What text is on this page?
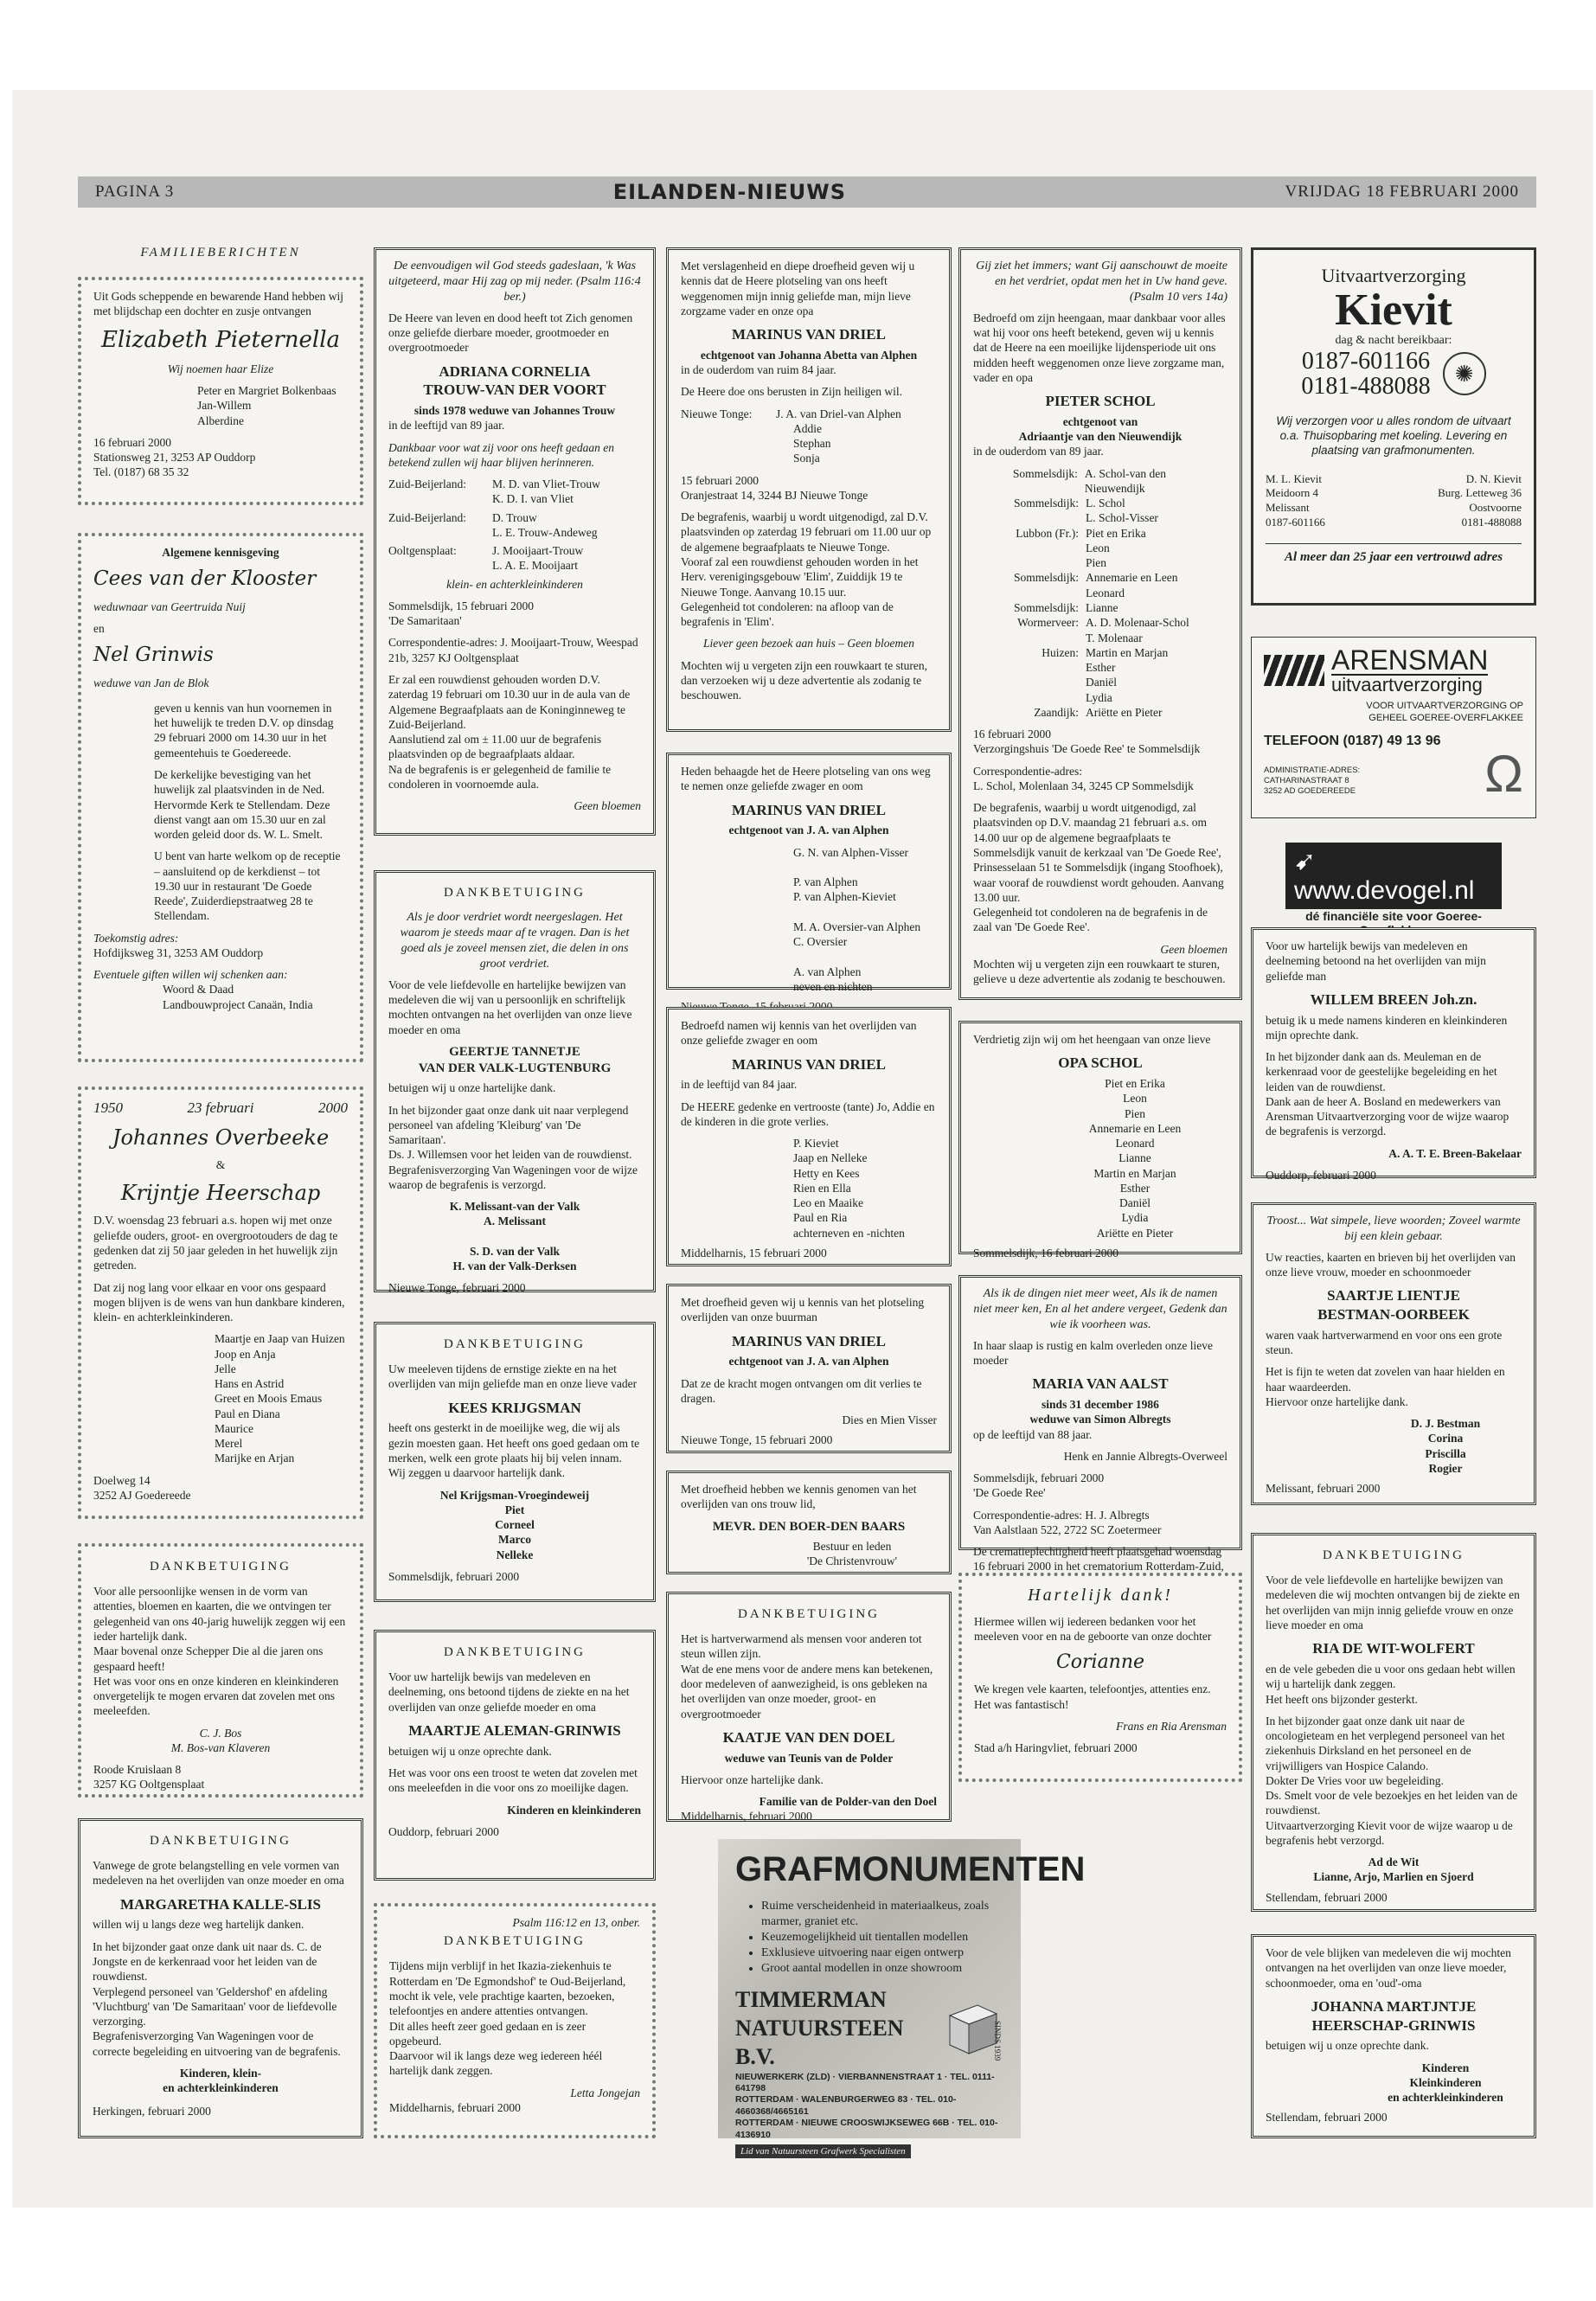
PAGINA 3	EILANDEN-NIEUWS	VRIJDAG 18 FEBRUARI 2000
FAMILIEBERICHTEN
Uit Gods scheppende en bewarende Hand hebben wij met blijdschap een dochter en zusje ontvangen
Elizabeth Pieternella
Wij noemen haar Elize
Peter en Margriet Bolkenbaas
Jan-Willem
Alberdine
16 februari 2000
Stationsweg 21, 3253 AP Ouddorp
Tel. (0187) 68 35 32
Algemene kennisgeving
Cees van der Klooster
weduwnaar van Geertruida Nuij
en
Nel Grinwis
weduwe van Jan de Blok
geven u kennis van hun voornemen in het huwelijk te treden D.V. op dinsdag 29 februari 2000 om 14.30 uur in het gemeentehuis te Goedereede.
De kerkelijke bevestiging van het huwelijk zal plaatsvinden in de Ned. Hervormde Kerk te Stellendam. Deze dienst vangt aan om 15.30 uur en zal worden geleid door ds. W. L. Smelt.
U bent van harte welkom op de receptie – aansluitend op de kerkdienst – tot 19.30 uur in restaurant 'De Goede Reede', Zuiderdiepstraatweg 28 te Stellendam.
Toekomstig adres:
Hofdijksweg 31, 3253 AM Ouddorp
Eventuele giften willen wij schenken aan:
Woord & Daad
Landbouwproject Canaän, India
1950	23 februari	2000
Johannes Overbeeke
&
Krijntje Heerschap
D.V. woensdag 23 februari a.s. hopen wij met onze geliefde ouders, groot- en overgrootouders de dag te gedenken dat zij 50 jaar geleden in het huwelijk zijn getreden.
Dat zij nog lang voor elkaar en voor ons gespaard mogen blijven is de wens van hun dankbare kinderen, klein- en achterkleinkinderen.
Maartje en Jaap van Huizen
Joop en Anja
Jelle
Hans en Astrid
Greet en Moois Emaus
Paul en Diana
Maurice
Merel
Marijke en Arjan
Doelweg 14
3252 AJ Goedereede
DANKBETUIGING
Voor alle persoonlijke wensen in de vorm van attenties, bloemen en kaarten, die we ontvingen ter gelegenheid van ons 40-jarig huwelijk zeggen wij een ieder hartelijk dank.
Maar bovenal onze Schepper Die al die jaren ons gespaard heeft!
Het was voor ons en onze kinderen en kleinkinderen onvergetelijk te mogen ervaren dat zovelen met ons meeleefden.
C. J. Bos
M. Bos-van Klaveren
Roode Kruislaan 8
3257 KG Ooltgensplaat
DANKBETUIGING
Vanwege de grote belangstelling en vele vormen van medeleven na het overlijden van onze moeder en oma
MARGARETHA KALLE-SLIS
willen wij u langs deze weg hartelijk danken.
In het bijzonder gaat onze dank uit naar ds. C. de Jongste en de kerkenraad voor het leiden van de rouwdienst.
Verplegend personeel van 'Geldershof' en afdeling 'Vluchtburg' van 'De Samaritaan' voor de liefdevolle verzorging.
Begrafenisverzorging Van Wageningen voor de correcte begeleiding en uitvoering van de begrafenis.
Kinderen, klein-
en achterkleinkinderen
Herkingen, februari 2000
De eenvoudigen wil God steeds gadeslaan, 'k Was uitgeteerd, maar Hij zag op mij neder. (Psalm 116:4 ber.)
De Heere van leven en dood heeft tot Zich genomen onze geliefde dierbare moeder, grootmoeder en overgrootmoeder
ADRIANA CORNELIA
TROUW-VAN DER VOORT
sinds 1978 weduwe van Johannes Trouw
in de leeftijd van 89 jaar.
Dankbaar voor wat zij voor ons heeft gedaan en betekend zullen wij haar blijven herinneren.
Zuid-Beijerland:	M. D. van Vliet-Trouw
K. D. I. van Vliet
Zuid-Beijerland:	D. Trouw
L. E. Trouw-Andeweg
Ooltgensplaat:	J. Mooijaart-Trouw
L. A. E. Mooijaart
klein- en achterkleinkinderen
Sommelsdijk, 15 februari 2000
'De Samaritaan'
Correspondentie-adres: J. Mooijaart-Trouw, Weespad 21b, 3257 KJ Ooltgensplaat
Er zal een rouwdienst gehouden worden D.V. zaterdag 19 februari om 10.30 uur in de aula van de Algemene Begraafplaats aan de Koninginneweg te Zuid-Beijerland.
Aanslutiend zal om ± 11.00 uur de begrafenis plaatsvinden op de begraafplaats aldaar.
Na de begrafenis is er gelegenheid de familie te condoleren in voornoemde aula.
Geen bloemen
DANKBETUIGING
Als je door verdriet wordt neergeslagen. Het waarom je steeds maar af te vragen. Dan is het goed als je zoveel mensen ziet, die delen in ons groot verdriet.
Voor de vele liefdevolle en hartelijke bewijzen van medeleven die wij van u persoonlijk en schriftelijk mochten ontvangen na het overlijden van onze lieve moeder en oma
GEERTJE TANNETJE
VAN DER VALK-LUGTENBURG
betuigen wij u onze hartelijke dank.
In het bijzonder gaat onze dank uit naar verplegend personeel van afdeling 'Kleiburg' van 'De Samaritaan'.
Ds. J. Willemsen voor het leiden van de rouwdienst.
Begrafenisverzorging Van Wageningen voor de wijze waarop de begrafenis is verzorgd.
K. Melissant-van der Valk
A. Melissant

S. D. van der Valk
H. van der Valk-Derksen
Nieuwe Tonge, februari 2000
DANKBETUIGING
Uw meeleven tijdens de ernstige ziekte en na het overlijden van mijn geliefde man en onze lieve vader
KEES KRIJGSMAN
heeft ons gesterkt in de moeilijke weg, die wij als gezin moesten gaan. Het heeft ons goed gedaan om te merken, welk een grote plaats hij bij velen innam. Wij zeggen u daarvoor hartelijk dank.
Nel Krijgsman-Vroegindeweij
Piet
Corneel
Marco
Nelleke
Sommelsdijk, februari 2000
DANKBETUIGING
Voor uw hartelijk bewijs van medeleven en deelneming, ons betoond tijdens de ziekte en na het overlijden van onze geliefde moeder en oma
MAARTJE ALEMAN-GRINWIS
betuigen wij u onze oprechte dank.
Het was voor ons een troost te weten dat zovelen met ons meeleefden in die voor ons zo moeilijke dagen.
Kinderen en kleinkinderen
Ouddorp, februari 2000
Psalm 116:12 en 13, onber.
DANKBETUIGING
Tijdens mijn verblijf in het Ikazia-ziekenhuis te Rotterdam en 'De Egmondshof' te Oud-Beijerland, mocht ik vele, vele prachtige kaarten, bezoeken, telefoontjes en andere attenties ontvangen.
Dit alles heeft zeer goed gedaan en is zeer opgebeurd.
Daarvoor wil ik langs deze weg iedereen héél hartelijk dank zeggen.
Letta Jongejan
Middelharnis, februari 2000
Met verslagenheid en diepe droefheid geven wij u kennis dat de Heere plotseling van ons heeft weggenomen mijn innig geliefde man, mijn lieve zorgzame vader en onze opa
MARINUS VAN DRIEL
echtgenoot van Johanna Abetta van Alphen
in de ouderdom van ruim 84 jaar.
De Heere doe ons berusten in Zijn heiligen wil.
Nieuwe Tonge:	J. A. van Driel-van Alphen
Addie
Stephan
Sonja
15 februari 2000
Oranjestraat 14, 3244 BJ Nieuwe Tonge
De begrafenis, waarbij u wordt uitgenodigd, zal D.V. plaatsvinden op zaterdag 19 februari om 11.00 uur op de algemene begraafplaats te Nieuwe Tonge.
Vooraf zal een rouwdienst gehouden worden in het Herv. verenigingsgebouw 'Elim', Zuiddijk 19 te Nieuwe Tonge. Aanvang 10.15 uur.
Gelegenheid tot condoleren: na afloop van de begrafenis in 'Elim'.
Liever geen bezoek aan huis – Geen bloemen
Mochten wij u vergeten zijn een rouwkaart te sturen, dan verzoeken wij u deze advertentie als zodanig te beschouwen.
Heden behaagde het de Heere plotseling van ons weg te nemen onze geliefde zwager en oom
MARINUS VAN DRIEL
echtgenoot van J. A. van Alphen
G. N. van Alphen-Visser

P. van Alphen
P. van Alphen-Kieviet

M. A. Oversier-van Alphen
C. Oversier

A. van Alphen
neven en nichten
Bedroefd namen wij kennis van het overlijden van onze geliefde zwager en oom
MARINUS VAN DRIEL
in de leeftijd van 84 jaar.
De HEERE gedenke en vertrooste (tante) Jo, Addie en de kinderen in die grote verlies.
P. Kieviet
Jaap en Nelleke
Hetty en Kees
Rien en Ella
Leo en Maaike
Paul en Ria
achterneven en -nichten
Middelharnis, 15 februari 2000
Met droefheid geven wij u kennis van het plotseling overlijden van onze buurman
MARINUS VAN DRIEL
echtgenoot van J. A. van Alphen
Dat ze de kracht mogen ontvangen om dit verlies te dragen.
Dies en Mien Visser
Nieuwe Tonge, 15 februari 2000
Met droefheid hebben we kennis genomen van het overlijden van ons trouw lid,
MEVR. DEN BOER-DEN BAARS
Bestuur en leden
'De Christenvrouw'
DANKBETUIGING
Het is hartverwarmend als mensen voor anderen tot steun willen zijn.
Wat de ene mens voor de andere mens kan betekenen, door medeleven of aanwezigheid, is ons gebleken na het overlijden van onze moeder, groot- en overgrootmoeder
KAATJE VAN DEN DOEL
weduwe van Teunis van de Polder
Hiervoor onze hartelijke dank.
Familie van de Polder-van den Doel
Middelharnis, februari 2000
GRAFMONUMENTEN
• Ruime verscheidenheid in materiaalkeus, zoals marmer, graniet etc.
• Keuzemogelijkheid uit tientallen modellen
• Exklusieve uitvoering naar eigen ontwerp
• Groot aantal modellen in onze showroom
TIMMERMAN NATUURSTEEN B.V.
NIEUWERKERK (ZLD) · VIERBANNENSTRAAT 1 · TEL. 0111-641798
ROTTERDAM · WALENBURGERWEG 83 · TEL. 010-4660368/4665161
ROTTERDAM · NIEUWE CROOSWIJKSEWEG 66B · TEL. 010-4136910
Lid van Natuursteen Grafwerk Specialisten
SINDS 1939
Gij ziet het immers; want Gij aanschouwt de moeite en het verdriet, opdat men het in Uw hand geve. (Psalm 10 vers 14a)
Bedroefd om zijn heengaan, maar dankbaar voor alles wat hij voor ons heeft betekend, geven wij u kennis dat de Heere na een moeilijke lijdensperiode uit ons midden heeft weggenomen onze lieve zorgzame man, vader en opa
PIETER SCHOL
echtgenoot van
Adriaantje van den Nieuwendijk
in de ouderdom van 89 jaar.
Sommelsdijk: A. Schol-van den Nieuwendijk
Sommelsdijk: L. Schol
L. Schol-Visser
Lubbon (Fr.): Piet en Erika
Leon
Pien
Sommelsdijk: Annemarie en Leen
Leonard
Sommelsdijk: Lianne
Wormerveer: A. D. Molenaar-Schol
T. Molenaar
Huizen: Martin en Marjan
Esther
Daniël
Lydia
Zaandijk: Ariëtte en Pieter
16 februari 2000
Verzorgingshuis 'De Goede Ree' te Sommelsdijk
Correspondentie-adres:
L. Schol, Molenlaan 34, 3245 CP Sommelsdijk
De begrafenis, waarbij u wordt uitgenodigd, zal plaatsvinden op D.V. maandag 21 februari a.s. om 14.00 uur op de algemene begraafplaats te Sommelsdijk vanuit de kerkzaal van 'De Goede Ree', Prinsesselaan 51 te Sommelsdijk (ingang Stoofhoek), waar vooraf de rouwdienst wordt gehouden. Aanvang 13.00 uur.
Gelegenheid tot condoleren na de begrafenis in de zaal van 'De Goede Ree'.
Geen bloemen
Mochten wij u vergeten zijn een rouwkaart te sturen, gelieve u deze advertentie als zodanig te beschouwen.
Verdrietig zijn wij om het heengaan van onze lieve
OPA SCHOL
Piet en Erika
Leon
Pien
Annemarie en Leen
Leonard
Lianne
Martin en Marjan
Esther
Daniël
Lydia
Ariëtte en Pieter
Sommelsdijk, 16 februari 2000
Als ik de dingen niet meer weet, Als ik de namen niet meer ken, En al het andere vergeet, Gedenk dan wie ik voorheen was.
In haar slaap is rustig en kalm overleden onze lieve moeder
MARIA VAN AALST
sinds 31 december 1986
weduwe van Simon Albregts
op de leeftijd van 88 jaar.
Henk en Jannie Albregts-Overweel
Sommelsdijk, februari 2000
'De Goede Ree'
Correspondentie-adres: H. J. Albregts
Van Aalstlaan 522, 2722 SC Zoetermeer
De crematieplechtigheid heeft plaatsgehad woensdag 16 februari 2000 in het crematorium Rotterdam-Zuid,
Hartelijk dank!
Hiermee willen wij iedereen bedanken voor het meeleven voor en na de geboorte van onze dochter
Corianne
We kregen vele kaarten, telefoontjes, attenties enz. Het was fantastisch!
Frans en Ria Arensman
Stad a/h Haringvliet, februari 2000
Uitvaartverzorging
Kievit
dag & nacht bereikbaar:
0187-601166
0181-488088	✺
Wij verzorgen voor u alles rondom de uitvaart o.a. Thuisopbaring met koeling. Levering en plaatsing van grafmonumenten.
M. L. Kievit
Meidoorn 4
Melissant
0187-601166
D. N. Kievit
Burg. Letteweg 36
Oostvoorne
0181-488088
Al meer dan 25 jaar een vertrouwd adres
ARENSMAN
uitvaartverzorging
VOOR UITVAARTVERZORGING OP GEHEEL GOEREE-OVERFLAKKEE
TELEFOON (0187) 49 13 96
ADMINISTRATIE-ADRES:
CATHARINASTRAAT 8
3252 AD GOEDEREEDE Ω
➹ www.devogel.nl
dé financiële site voor Goeree-
Voor uw hartelijk bewijs van medeleven en deelneming betoond na het overlijden van mijn geliefde man
WILLEM BREEN Joh.zn.
betuig ik u mede namens kinderen en kleinkinderen mijn oprechte dank.
In het bijzonder dank aan ds. Meuleman en de kerkenraad voor de geestelijke begeleiding en het leiden van de rouwdienst.
Dank aan de heer A. Bosland en medewerkers van Arensman Uitvaartverzorging voor de wijze waarop de begrafenis is verzorgd.
A. A. T. E. Breen-Bakelaar
Ouddorp, februari 2000
Troost... Wat simpele, lieve woorden; Zoveel warmte bij een klein gebaar.
Uw reacties, kaarten en brieven bij het overlijden van onze lieve vrouw, moeder en schoonmoeder
SAARTJE LIENTJE
BESTMAN-OORBEEK
waren vaak hartverwarmend en voor ons een grote steun.
Het is fijn te weten dat zovelen van haar hielden en haar waardeerden.
Hiervoor onze hartelijke dank.
D. J. Bestman
Corina
Priscilla
Rogier
Melissant, februari 2000
DANKBETUIGING
Voor de vele liefdevolle en hartelijke bewijzen van medeleven die wij mochten ontvangen bij de ziekte en het overlijden van mijn innig geliefde vrouw en onze lieve moeder en oma
RIA DE WIT-WOLFERT
en de vele gebeden die u voor ons gedaan hebt willen wij u hartelijk dank zeggen.
Het heeft ons bijzonder gesterkt.
In het bijzonder gaat onze dank uit naar de oncologieteam en het verplegend personeel van het ziekenhuis Dirksland en het personeel en de vrijwilligers van Hospice Calando.
Dokter De Vries voor uw begeleiding.
Ds. Smelt voor de vele bezoekjes en het leiden van de rouwdienst.
Uitvaartverzorging Kievit voor de wijze waarop u de begrafenis hebt verzorgd.
Ad de Wit
Lianne, Arjo, Marlien en Sjoerd
Stellendam, februari 2000
Voor de vele blijken van medeleven die wij mochten ontvangen na het overlijden van onze lieve moeder, schoonmoeder, oma en 'oud'-oma
JOHANNA MARTJNTJE
HEERSCHAP-GRINWIS
betuigen wij u onze oprechte dank.
Kinderen
Kleinkinderen
en achterkleinkinderen
Stellendam, februari 2000
